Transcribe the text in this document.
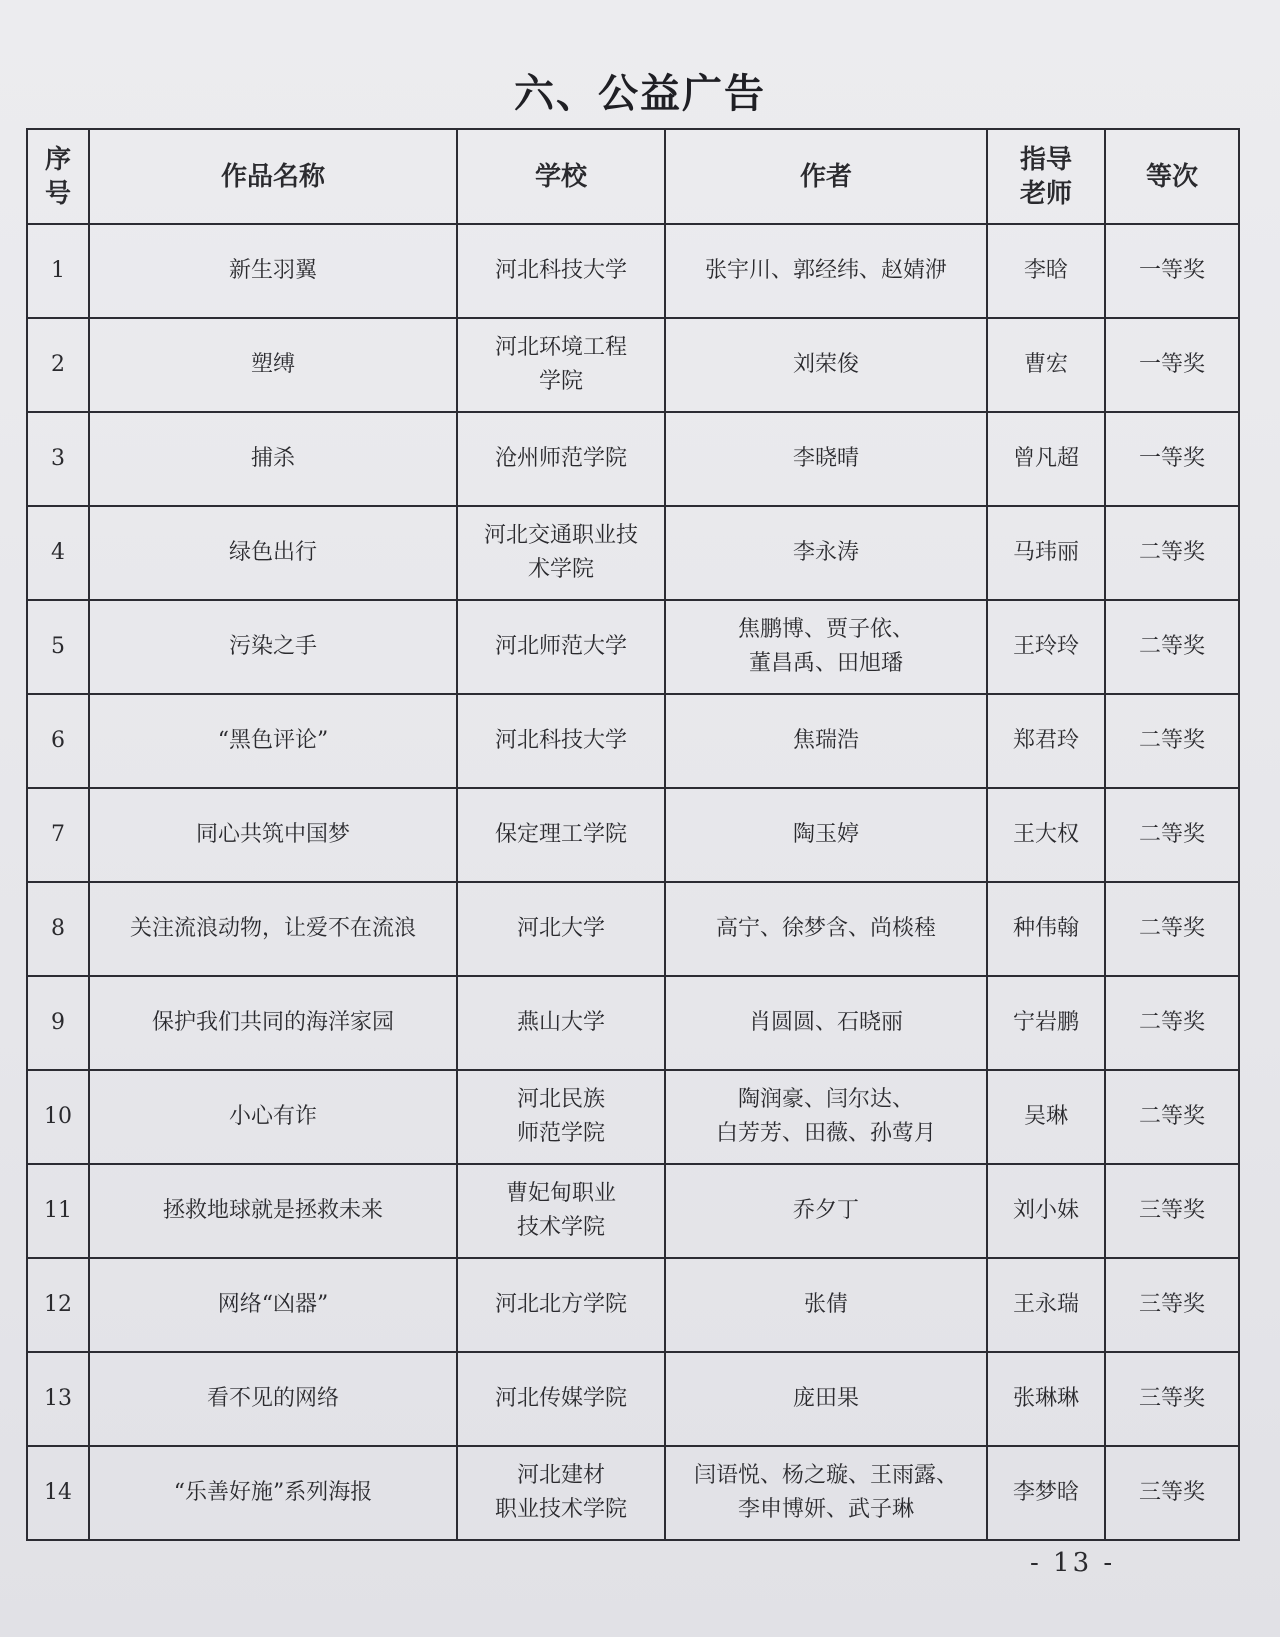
六、公益广告
序
号	作品名称	学校	作者	指导
老师	等次
1	新生羽翼	河北科技大学	张宇川、郭经纬、赵婧洢	李晗	一等奖
2	塑缚	河北环境工程
学院	刘荣俊	曹宏	一等奖
3	捕杀	沧州师范学院	李晓晴	曾凡超	一等奖
4	绿色出行	河北交通职业技
术学院	李永涛	马玮丽	二等奖
5	污染之手	河北师范大学	焦鹏博、贾子依、
董昌禹、田旭璠	王玲玲	二等奖
6	“黑色评论”	河北科技大学	焦瑞浩	郑君玲	二等奖
7	同心共筑中国梦	保定理工学院	陶玉婷	王大权	二等奖
8	关注流浪动物，让爱不在流浪	河北大学	高宁、徐梦含、尚棪稑	种伟翰	二等奖
9	保护我们共同的海洋家园	燕山大学	肖圆圆、石晓丽	宁岩鹏	二等奖
10	小心有诈	河北民族
师范学院	陶润豪、闫尔达、
白芳芳、田薇、孙莺月	吴琳	二等奖
11	拯救地球就是拯救未来	曹妃甸职业
技术学院	乔夕丁	刘小妹	三等奖
12	网络“凶器”	河北北方学院	张倩	王永瑞	三等奖
13	看不见的网络	河北传媒学院	庞田果	张琳琳	三等奖
14	“乐善好施”系列海报	河北建材
职业技术学院	闫语悦、杨之璇、王雨露、
李申博妍、武子琳	李梦晗	三等奖
- 13 -
